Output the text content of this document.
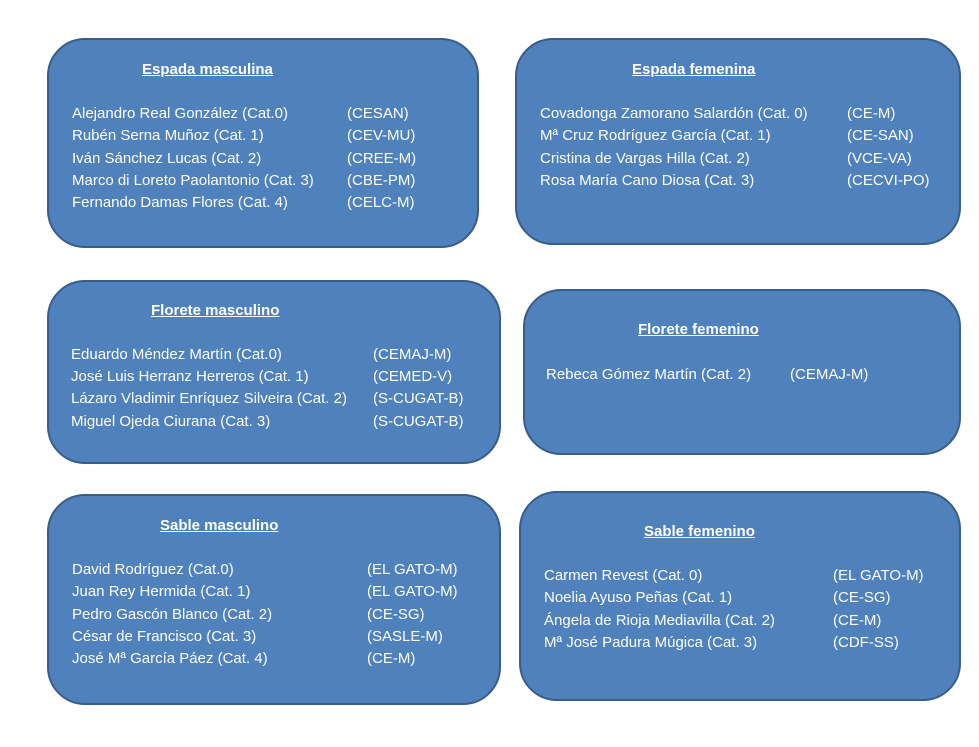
Espada masculina
Alejandro Real González (Cat.0)	(CESAN)
Rubén Serna Muñoz (Cat. 1)	(CEV-MU)
Iván Sánchez Lucas (Cat. 2)	(CREE-M)
Marco di Loreto Paolantonio (Cat. 3) (CBE-PM)
Fernando Damas Flores (Cat. 4)	(CELC-M)
Espada femenina
Covadonga Zamorano Salardón (Cat. 0)	(CE-M)
Mª Cruz Rodríguez García (Cat. 1)	(CE-SAN)
Cristina de Vargas Hilla (Cat. 2)	(VCE-VA)
Rosa María Cano Diosa (Cat. 3)	(CECVI-PO)
Florete masculino
Eduardo Méndez Martín (Cat.0)	(CEMAJ-M)
José Luis Herranz Herreros (Cat. 1)	(CEMED-V)
Lázaro Vladimir Enríquez Silveira (Cat. 2) (S-CUGAT-B)
Miguel Ojeda Ciurana (Cat. 3)	(S-CUGAT-B)
Florete femenino
Rebeca Gómez Martín (Cat. 2)	(CEMAJ-M)
Sable masculino
David Rodríguez (Cat.0)	(EL GATO-M)
Juan Rey Hermida (Cat. 1)	(EL GATO-M)
Pedro Gascón Blanco (Cat. 2)	(CE-SG)
César de Francisco (Cat. 3)	(SASLE-M)
José Mª García Páez (Cat. 4)	(CE-M)
Sable femenino
Carmen Revest (Cat. 0)	(EL GATO-M)
Noelia Ayuso Peñas (Cat. 1)	(CE-SG)
Ángela de Rioja Mediavilla (Cat. 2)	(CE-M)
Mª José Padura Múgica (Cat. 3)	(CDF-SS)
